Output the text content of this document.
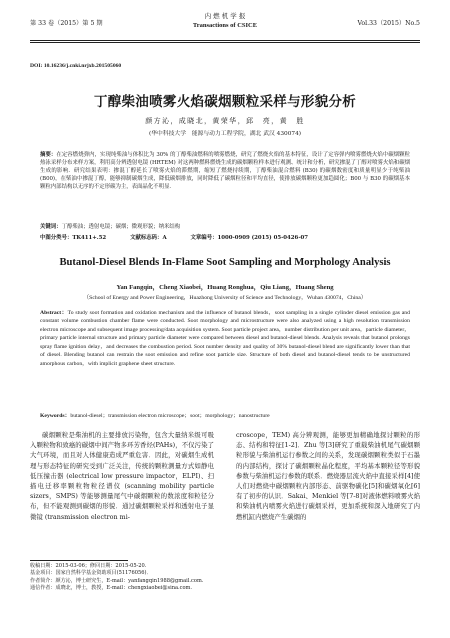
第 33 卷（2015）第 5 期
内 燃 机 学 报
Transactions of CSICE	Vol.33（2015）No.5
DOI: 10.16236/j.cnki.nrjxb.201505060
丁醇柴油喷雾火焰碳烟颗粒采样与形貌分析
颜方沁，成晓北，黄荣华，邱　亮，黄　胜
(华中科技大学　能源与动力工程学院，湖北 武汉 430074)
摘要：在定容燃烧弹内，实现纯柴油与体积比为 30% 的丁醇柴油燃料的喷雾燃烧，研究了燃烧火焰的基本特征，设计了定容弹内喷雾燃烧火焰中碳烟颗粒热泳采样分布来样方案，利用高分辨透射电镜 (HRTEM) 对这两种燃料燃烧生成的碳烟颗粒样本进行观测、统计和分析，研究掺混了丁醇对喷雾火焰和碳烟生成的影响．研究结果表明：掺混丁醇延长了喷雾火焰的滞燃期，缩短了燃烧持续期，丁醇柴油混合燃料 (B30) 的碳烟数密度和质量明显少于纯柴油 (B00)，在柴油中掺混丁醇，能够抑制碳烟生成，降低碳烟排放，同时降低了碳烟粒径和平均直径，使排放碳烟颗粒更加趋圆化；B00 与 B30 的碳烟基本颗粒内部结构以无序的不定形碳为主，表面晶化不明显．
关键词：丁醇柴油；透射电镜；碳烟；微观形貌；纳米结构
中图分类号：TK411+.52	文献标志码：A	文章编号：1000-0909 (2015) 05-0426-07
Butanol-Diesel Blends In-Flame Soot Sampling and Morphology Analysis
Yan Fangqin，Cheng Xiaobei，Huang Ronghua，Qiu Liang，Huang Sheng
（School of Energy and Power Engineering，Huazhong University of Science and Technology，Wuhan 430074，China）
Abstract：To study soot formation and oxidation mechanism and the influence of butanol blends，soot sampling in a single cylinder diesel emission gas and constant volume combustion chamber flame were conducted. Soot morphology and microstructure were also analyzed using a high resolution transmission electron microscope and subsequent image processing/data acquisition system. Soot particle project area，number distribution per unit area，particle diameter，primary particle internal structure and primary particle diameter were compared between diesel and butanol-diesel blends. Analysis reveals that butanol prolongs spray flame ignition delay，and decreases the combustion period. Soot number density and quality of 30% butanol-diesel blend are significantly lower than that of diesel. Blending butanol can restrain the soot emission and refine soot particle size. Structure of both diesel and butanol-diesel tends to be unstructured amorphous carbon，with implicit graphene sheet structure.
Keywords：butanol-diesel；transmission electron microscope；soot；morphology；nanostructure
碳烟颗粒是柴油机的主要排放污染物，包含大量纳米级可吸入颗粒物和致癌的碳烟中间产物多环芳香烃(PAHs)，不仅污染了大气环境，而且对人体健康造成严重危害．因此，对碳烟生成机理与形态特征的研究受到广泛关注，传统的颗粒测量方式如静电低压撞击器 (electrical low pressure impactor，ELPI)、扫描电迁移率颗粒物粒径谱仪 (scanning mobility particle sizers，SMPS) 等能够测量尾气中碳烟颗粒的数浓度和粒径分布，但不能观测到碳烟的形貌．通过碳烟颗粒采样和透射电子显微镜 (transmission electron mi-
croscope，TEM) 高分辨观测，能够更加精确地探讨颗粒的形态、结构和特征[1-2]．Zhu 等[3]研究了重载柴油机尾气碳烟颗粒形貌与柴油机运行参数之间的关系，发现碳烟颗粒类似于石墨的内部结构，探讨了碳烟颗粒晶化程度，平均基本颗粒径等形貌参数与柴油机运行参数的联系．燃烧器层流火焰中直接采样[4]使人们对燃烧中碳烟颗粒内部形态、前驱物碳化[5]和碳烟氧化[6]有了初步的认识．Sakai、Menkiel 等[7-8]对液体燃料喷雾火焰和柴油机内喷雾火焰进行碳烟采样，更加系统和深入地研究了内燃机缸内燃烧产生碳烟的
收稿日期：2015-03-06；修回日期：2015-05-20.
基金项目：国家自然科学基金资助项目(51176056)．
作者简介：颜方沁，博士研究生，E-mail：yanfangqin1988@gmail.com.
通信作者：成晓北，博士，教授，E-mail：chengxiaobei@sina.com.
